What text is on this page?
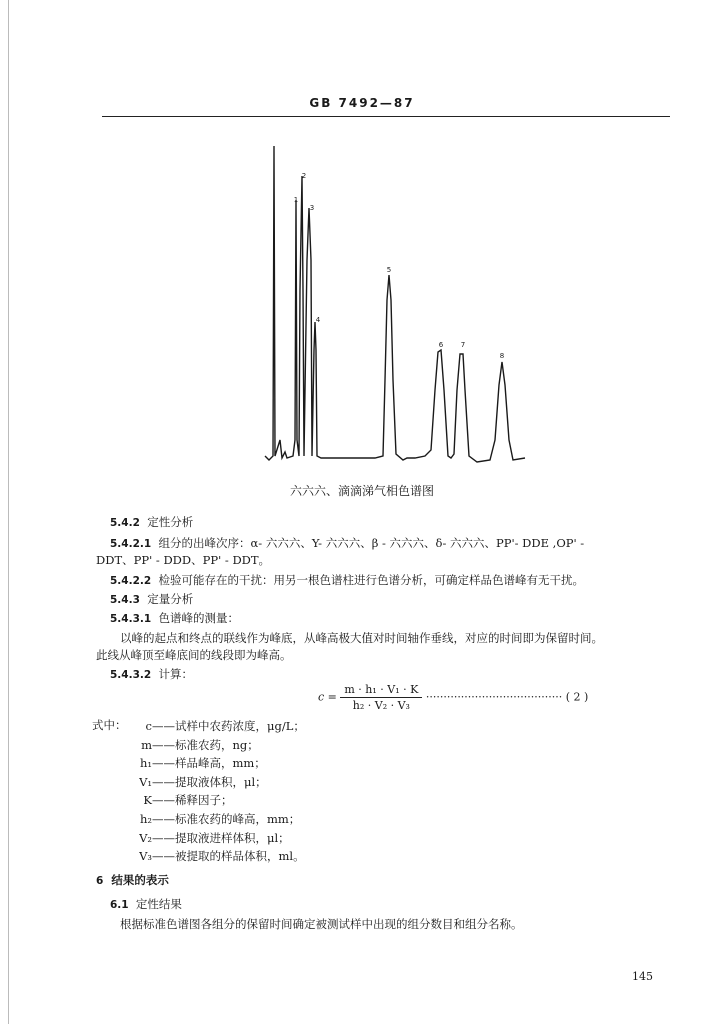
GB 7492—87
1
2
3
4
5
6	7
8
六六六、滴滴涕气相色谱图
5.4.2 定性分析
5.4.2.1 组分的出峰次序：α- 六六六、Y- 六六六、β - 六六六、δ- 六六六、PP'- DDE ,OP' -
DDT、PP' - DDD、PP' - DDT。
5.4.2.2 检验可能存在的干扰：用另一根色谱柱进行色谱分析，可确定样品色谱峰有无干扰。
5.4.3 定量分析
5.4.3.1 色谱峰的测量：
以峰的起点和终点的联线作为峰底，从峰高极大值对时间轴作垂线，对应的时间即为保留时间。
此线从峰顶至峰底间的线段即为峰高。
5.4.3.2 计算：
$c = \frac{\text{m · h₁ · V₁ · K}}{\text{h₂ · V₂ · V₃}}$ ······································· ( 2 )
式中：	c——试样中农药浓度，μg/L；
m——标准农药，ng；
h₁——样品峰高，mm；
V₁——提取液体积，μl；
K——稀释因子；
h₂——标准农药的峰高，mm；
V₂——提取液进样体积，μl；
V₃——被提取的样品体积，ml。
6 结果的表示
6.1 定性结果
根据标准色谱图各组分的保留时间确定被测试样中出现的组分数目和组分名称。
145
